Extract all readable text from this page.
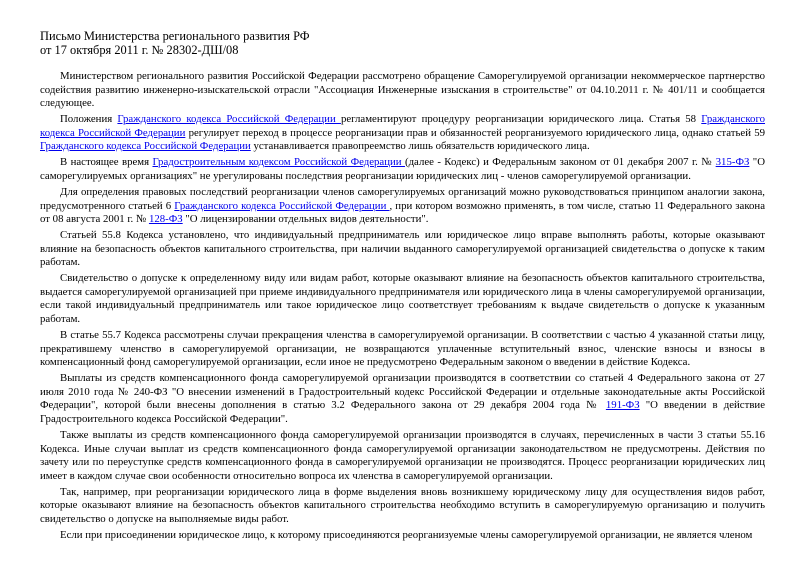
Письмо Министерства регионального развития РФ
от 17 октября 2011 г. № 28302-ДШ/08

Министерством регионального развития Российской Федерации рассмотрено обращение Саморегулируемой организации некоммерческое партнерство содействия развитию инженерно-изыскательской отрасли "Ассоциация Инженерные изыскания в строительстве" от 04.10.2011 г. № 401/11 и сообщается следующее.

Положения Гражданского кодекса Российской Федерации регламентируют процедуру реорганизации юридического лица. Статья 58 Гражданского кодекса Российской Федерации регулирует переход в процессе реорганизации прав и обязанностей реорганизуемого юридического лица, однако статьей 59 Гражданского кодекса Российской Федерации устанавливается правопреемство лишь обязательств юридического лица.

В настоящее время Градостроительным кодексом Российской Федерации (далее - Кодекс) и Федеральным законом от 01 декабря 2007 г. № 315-ФЗ "О саморегулируемых организациях" не урегулированы последствия реорганизации юридических лиц - членов саморегулируемой организации.

Для определения правовых последствий реорганизации членов саморегулируемых организаций можно руководствоваться принципом аналогии закона, предусмотренного статьей 6 Гражданского кодекса Российской Федерации , при котором возможно применять, в том числе, статью 11 Федерального закона от 08 августа 2001 г. № 128-ФЗ "О лицензировании отдельных видов деятельности".

Статьей 55.8 Кодекса установлено, что индивидуальный предприниматель или юридическое лицо вправе выполнять работы, которые оказывают влияние на безопасность объектов капитального строительства, при наличии выданного саморегулируемой организацией свидетельства о допуске к таким работам.

Свидетельство о допуске к определенному виду или видам работ, которые оказывают влияние на безопасность объектов капитального строительства, выдается саморегулируемой организацией при приеме индивидуального предпринимателя или юридического лица в члены саморегулируемой организации, если такой индивидуальный предприниматель или такое юридическое лицо соответствует требованиям к выдаче свидетельств о допуске к указанным работам.

В статье 55.7 Кодекса рассмотрены случаи прекращения членства в саморегулируемой организации. В соответствии с частью 4 указанной статьи лицу, прекратившему членство в саморегулируемой организации, не возвращаются уплаченные вступительный взнос, членские взносы и взносы в компенсационный фонд саморегулируемой организации, если иное не предусмотрено Федеральным законом о введении в действие Кодекса.

Выплаты из средств компенсационного фонда саморегулируемой организации производятся в соответствии со статьей 4 Федерального закона от 27 июля 2010 года № 240-ФЗ "О внесении изменений в Градостроительный кодекс Российской Федерации и отдельные законодательные акты Российской Федерации", которой были внесены дополнения в статью 3.2 Федерального закона от 29 декабря 2004 года № 191-ФЗ "О введении в действие Градостроительного кодекса Российской Федерации".

Также выплаты из средств компенсационного фонда саморегулируемой организации производятся в случаях, перечисленных в части 3 статьи 55.16 Кодекса. Иные случаи выплат из средств компенсационного фонда саморегулируемой организации законодательством не предусмотрены. Действия по зачету или по переуступке средств компенсационного фонда в саморегулируемой организации не производятся. Процесс реорганизации юридических лиц имеет в каждом случае свои особенности относительно вопроса их членства в саморегулируемой организации.

Так, например, при реорганизации юридического лица в форме выделения вновь возникшему юридическому лицу для осуществления видов работ, которые оказывают влияние на безопасность объектов капитального строительства необходимо вступить в саморегулируемую организацию и получить свидетельство о допуске на выполняемые виды работ.

Если при присоединении юридическое лицо, к которому присоединяются реорганизуемые члены саморегулируемой организации, не является членом
